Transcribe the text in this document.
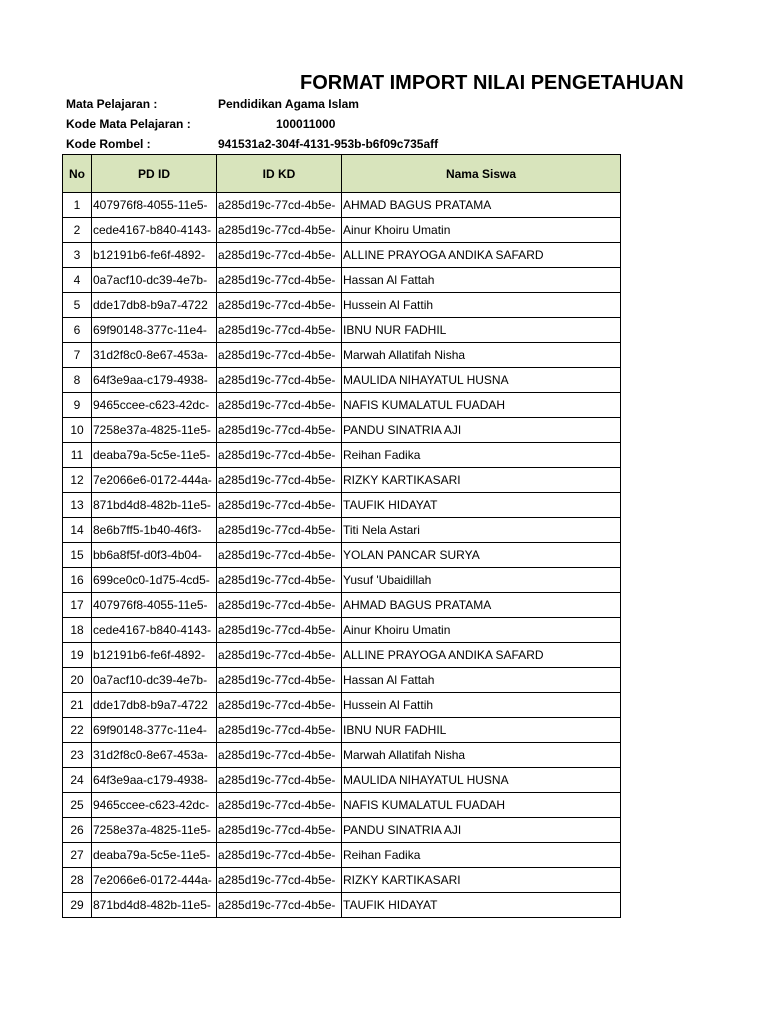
FORMAT IMPORT NILAI PENGETAHUAN
Mata Pelajaran :	Pendidikan Agama Islam
Kode Mata Pelajaran :	100011000
Kode Rombel :	941531a2-304f-4131-953b-b6f09c735aff
No	PD ID	ID KD	Nama Siswa
1	407976f8-4055-11e5-	a285d19c-77cd-4b5e-	AHMAD BAGUS PRATAMA
2	cede4167-b840-4143-	a285d19c-77cd-4b5e-	Ainur Khoiru Umatin
3	b12191b6-fe6f-4892-	a285d19c-77cd-4b5e-	ALLINE PRAYOGA ANDIKA SAFARD
4	0a7acf10-dc39-4e7b-	a285d19c-77cd-4b5e-	Hassan Al Fattah
5	dde17db8-b9a7-4722	a285d19c-77cd-4b5e-	Hussein Al Fattih
6	69f90148-377c-11e4-	a285d19c-77cd-4b5e-	IBNU NUR FADHIL
7	31d2f8c0-8e67-453a-	a285d19c-77cd-4b5e-	Marwah Allatifah Nisha
8	64f3e9aa-c179-4938-	a285d19c-77cd-4b5e-	MAULIDA NIHAYATUL HUSNA
9	9465ccee-c623-42dc-	a285d19c-77cd-4b5e-	NAFIS KUMALATUL FUADAH
10	7258e37a-4825-11e5-	a285d19c-77cd-4b5e-	PANDU SINATRIA AJI
11	deaba79a-5c5e-11e5-	a285d19c-77cd-4b5e-	Reihan Fadika
12	7e2066e6-0172-444a-	a285d19c-77cd-4b5e-	RIZKY KARTIKASARI
13	871bd4d8-482b-11e5-	a285d19c-77cd-4b5e-	TAUFIK HIDAYAT
14	8e6b7ff5-1b40-46f3-	a285d19c-77cd-4b5e-	Titi Nela Astari
15	bb6a8f5f-d0f3-4b04-	a285d19c-77cd-4b5e-	YOLAN PANCAR SURYA
16	699ce0c0-1d75-4cd5-	a285d19c-77cd-4b5e-	Yusuf 'Ubaidillah
17	407976f8-4055-11e5-	a285d19c-77cd-4b5e-	AHMAD BAGUS PRATAMA
18	cede4167-b840-4143-	a285d19c-77cd-4b5e-	Ainur Khoiru Umatin
19	b12191b6-fe6f-4892-	a285d19c-77cd-4b5e-	ALLINE PRAYOGA ANDIKA SAFARD
20	0a7acf10-dc39-4e7b-	a285d19c-77cd-4b5e-	Hassan Al Fattah
21	dde17db8-b9a7-4722	a285d19c-77cd-4b5e-	Hussein Al Fattih
22	69f90148-377c-11e4-	a285d19c-77cd-4b5e-	IBNU NUR FADHIL
23	31d2f8c0-8e67-453a-	a285d19c-77cd-4b5e-	Marwah Allatifah Nisha
24	64f3e9aa-c179-4938-	a285d19c-77cd-4b5e-	MAULIDA NIHAYATUL HUSNA
25	9465ccee-c623-42dc-	a285d19c-77cd-4b5e-	NAFIS KUMALATUL FUADAH
26	7258e37a-4825-11e5-	a285d19c-77cd-4b5e-	PANDU SINATRIA AJI
27	deaba79a-5c5e-11e5-	a285d19c-77cd-4b5e-	Reihan Fadika
28	7e2066e6-0172-444a-	a285d19c-77cd-4b5e-	RIZKY KARTIKASARI
29	871bd4d8-482b-11e5-	a285d19c-77cd-4b5e-	TAUFIK HIDAYAT
